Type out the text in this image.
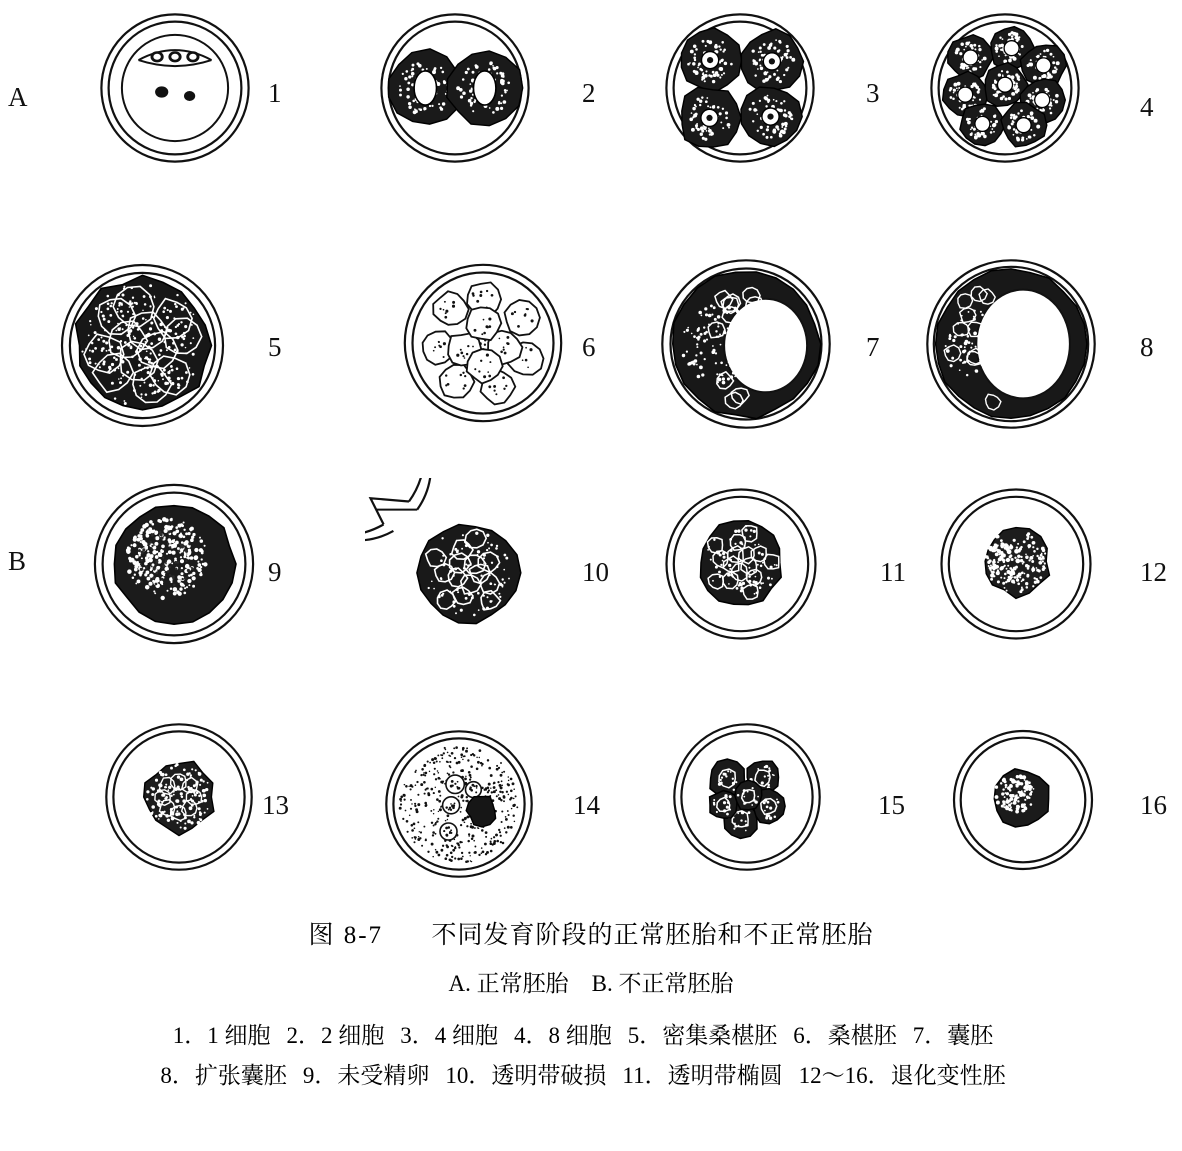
A
B
1	2	3	4
5	6	7	8
9	10	11	12
13	14	15	16
图 8-7 不同发育阶段的正常胚胎和不正常胚胎
A. 正常胚胎　B. 不正常胚胎
1．1 细胞 2．2 细胞 3．4 细胞 4．8 细胞 5．密集桑椹胚 6．桑椹胚 7．囊胚
8．扩张囊胚 9．未受精卵 10．透明带破损 11．透明带椭圆 12～16．退化变性胚
